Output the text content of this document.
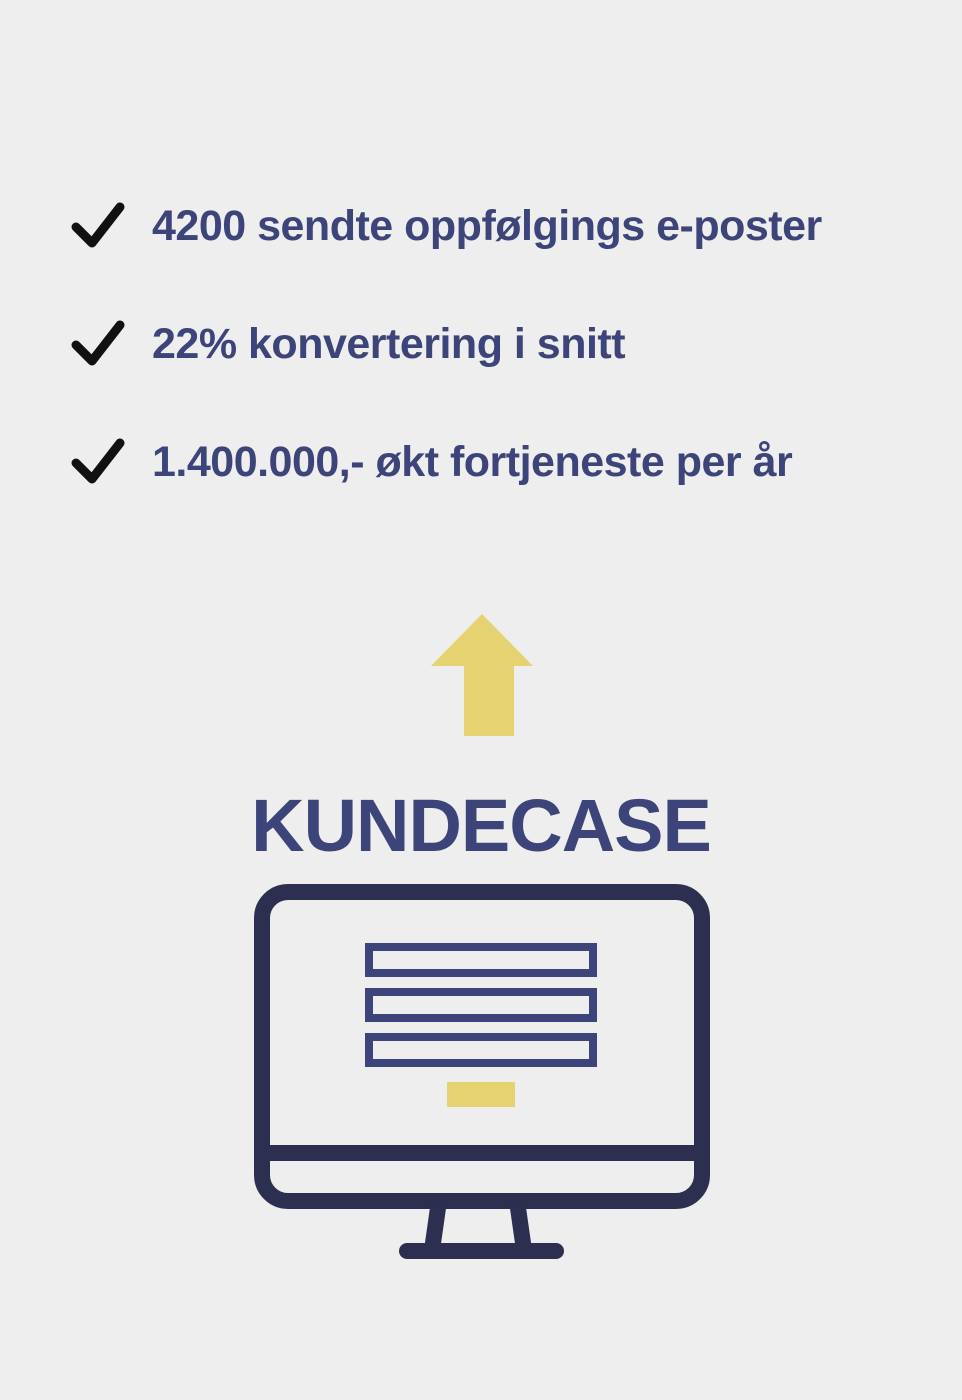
4200 sendte oppfølgings e-poster
22% konvertering i snitt
1.400.000,- økt fortjeneste per år
KUNDECASE
